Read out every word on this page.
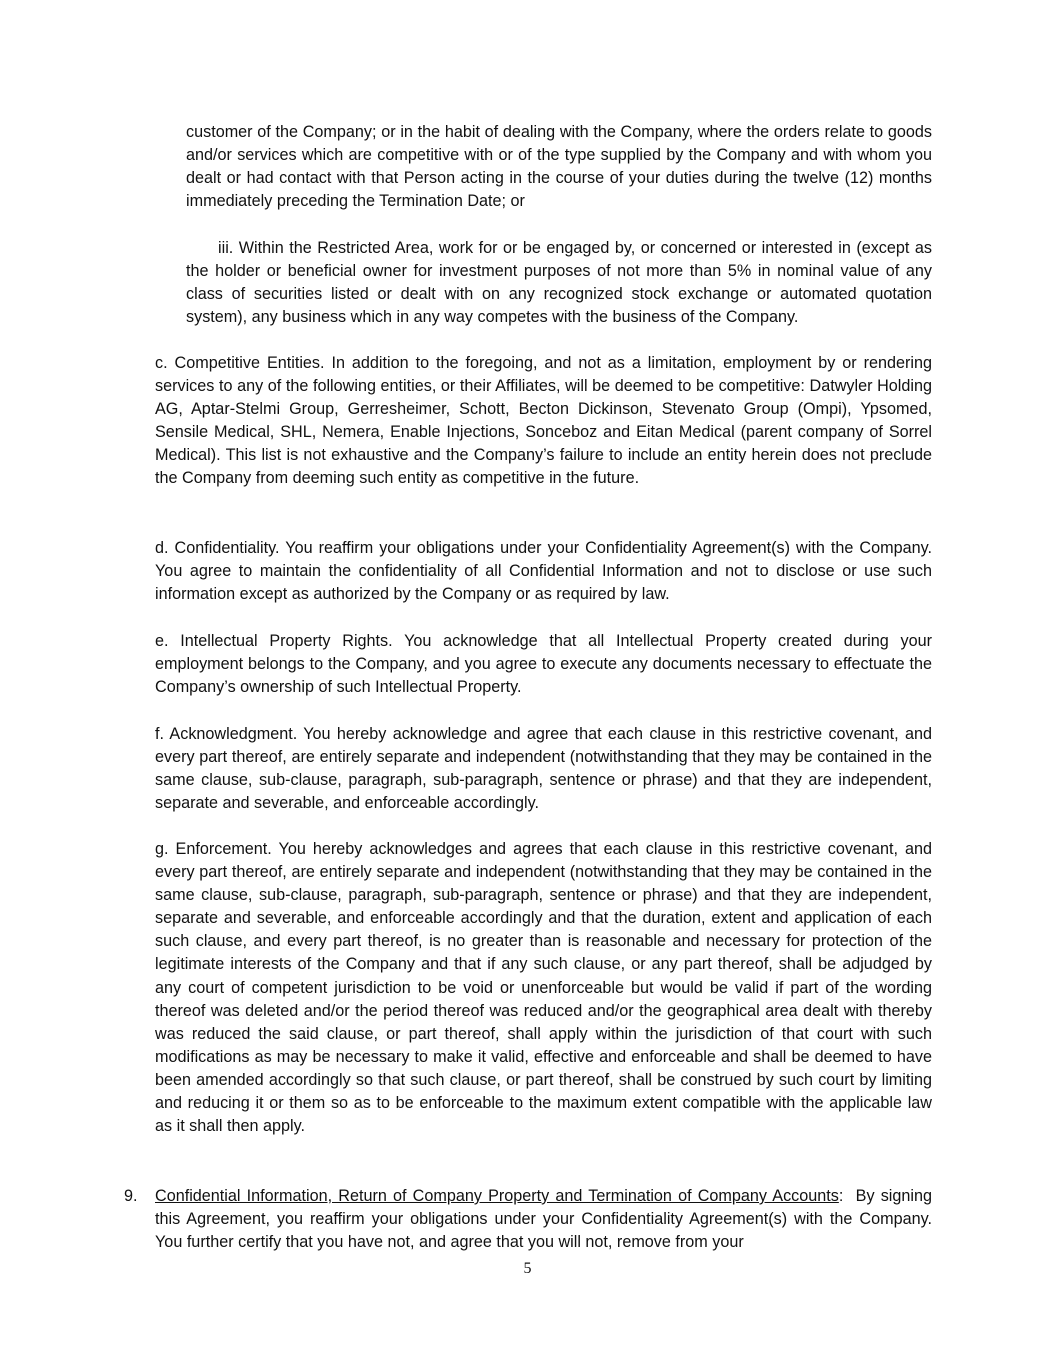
customer of the Company; or in the habit of dealing with the Company, where the orders relate to goods and/or services which are competitive with or of the type supplied by the Company and with whom you dealt or had contact with that Person acting in the course of your duties during the twelve (12) months immediately preceding the Termination Date; or

iii. Within the Restricted Area, work for or be engaged by, or concerned or interested in (except as the holder or beneficial owner for investment purposes of not more than 5% in nominal value of any class of securities listed or dealt with on any recognized stock exchange or automated quotation system), any business which in any way competes with the business of the Company.

c. Competitive Entities. In addition to the foregoing, and not as a limitation, employment by or rendering services to any of the following entities, or their Affiliates, will be deemed to be competitive: Datwyler Holding AG, Aptar-Stelmi Group, Gerresheimer, Schott, Becton Dickinson, Stevenato Group (Ompi), Ypsomed, Sensile Medical, SHL, Nemera, Enable Injections, Sonceboz and Eitan Medical (parent company of Sorrel Medical). This list is not exhaustive and the Company’s failure to include an entity herein does not preclude the Company from deeming such entity as competitive in the future.

d. Confidentiality. You reaffirm your obligations under your Confidentiality Agreement(s) with the Company. You agree to maintain the confidentiality of all Confidential Information and not to disclose or use such information except as authorized by the Company or as required by law.

e. Intellectual Property Rights. You acknowledge that all Intellectual Property created during your employment belongs to the Company, and you agree to execute any documents necessary to effectuate the Company’s ownership of such Intellectual Property.

f. Acknowledgment. You hereby acknowledge and agree that each clause in this restrictive covenant, and every part thereof, are entirely separate and independent (notwithstanding that they may be contained in the same clause, sub-clause, paragraph, sub-paragraph, sentence or phrase) and that they are independent, separate and severable, and enforceable accordingly.

g. Enforcement. You hereby acknowledges and agrees that each clause in this restrictive covenant, and every part thereof, are entirely separate and independent (notwithstanding that they may be contained in the same clause, sub-clause, paragraph, sub-paragraph, sentence or phrase) and that they are independent, separate and severable, and enforceable accordingly and that the duration, extent and application of each such clause, and every part thereof, is no greater than is reasonable and necessary for protection of the legitimate interests of the Company and that if any such clause, or any part thereof, shall be adjudged by any court of competent jurisdiction to be void or unenforceable but would be valid if part of the wording thereof was deleted and/or the period thereof was reduced and/or the geographical area dealt with thereby was reduced the said clause, or part thereof, shall apply within the jurisdiction of that court with such modifications as may be necessary to make it valid, effective and enforceable and shall be deemed to have been amended accordingly so that such clause, or part thereof, shall be construed by such court by limiting and reducing it or them so as to be enforceable to the maximum extent compatible with the applicable law as it shall then apply.

9. Confidential Information, Return of Company Property and Termination of Company Accounts:  By signing this Agreement, you reaffirm your obligations under your Confidentiality Agreement(s) with the Company.  You further certify that you have not, and agree that you will not, remove from your
5
